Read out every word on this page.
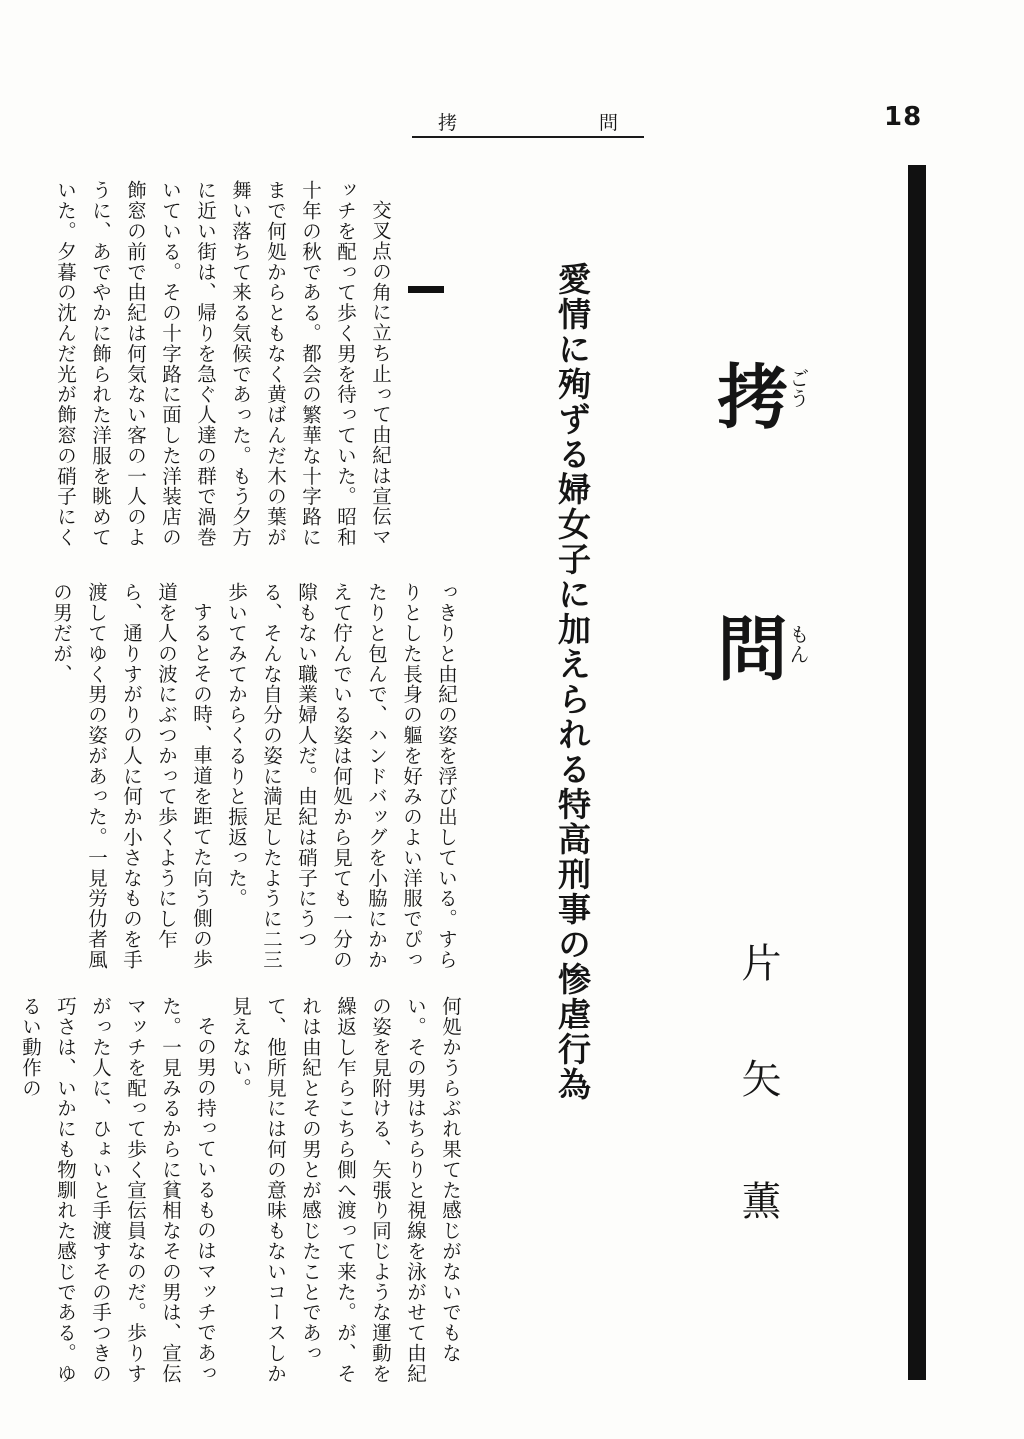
拷	問	18
拷
ごう
問
もん
愛情に殉ずる婦女子に加えられる特高刑事の惨虐行為	片
矢
薫

交叉点の角に立ち止って由紀は宣伝マッチを配って歩く男を待っていた。昭和十年の秋である。都会の繁華な十字路にまで何処からともなく黄ばんだ木の葉が舞い落ちて来る気候であった。もう夕方に近い街は、帰りを急ぐ人達の群で渦巻いている。その十字路に面した洋装店の飾窓の前で由紀は何気ない客の一人のように、あでやかに飾られた洋服を眺めていた。夕暮の沈んだ光が飾窓の硝子にく

っきりと由紀の姿を浮び出している。すらりとした長身の軀を好みのよい洋服でぴったりと包んで、ハンドバッグを小脇にかかえて佇んでいる姿は何処から見ても一分の隙もない職業婦人だ。由紀は硝子にうつる、そんな自分の姿に満足したように二三歩いてみてからくるりと振返った。

するとその時、車道を距てた向う側の歩道を人の波にぶつかって歩くようにし乍ら、通りすがりの人に何か小さなものを手渡してゆく男の姿があった。一見労仂者風の男だが、

何処かうらぶれ果てた感じがないでもない。その男はちらりと視線を泳がせて由紀の姿を見附ける、矢張り同じような運動を繰返し乍らこちら側へ渡って来た。が、それは由紀とその男とが感じたことであって、他所見には何の意味もないコースしか見えない。

その男の持っているものはマッチであった。一見みるからに貧相なその男は、宣伝マッチを配って歩く宣伝員なのだ。歩りすがった人に、ひょいと手渡すその手つきの巧さは、いかにも物馴れた感じである。ゆるい動作の
